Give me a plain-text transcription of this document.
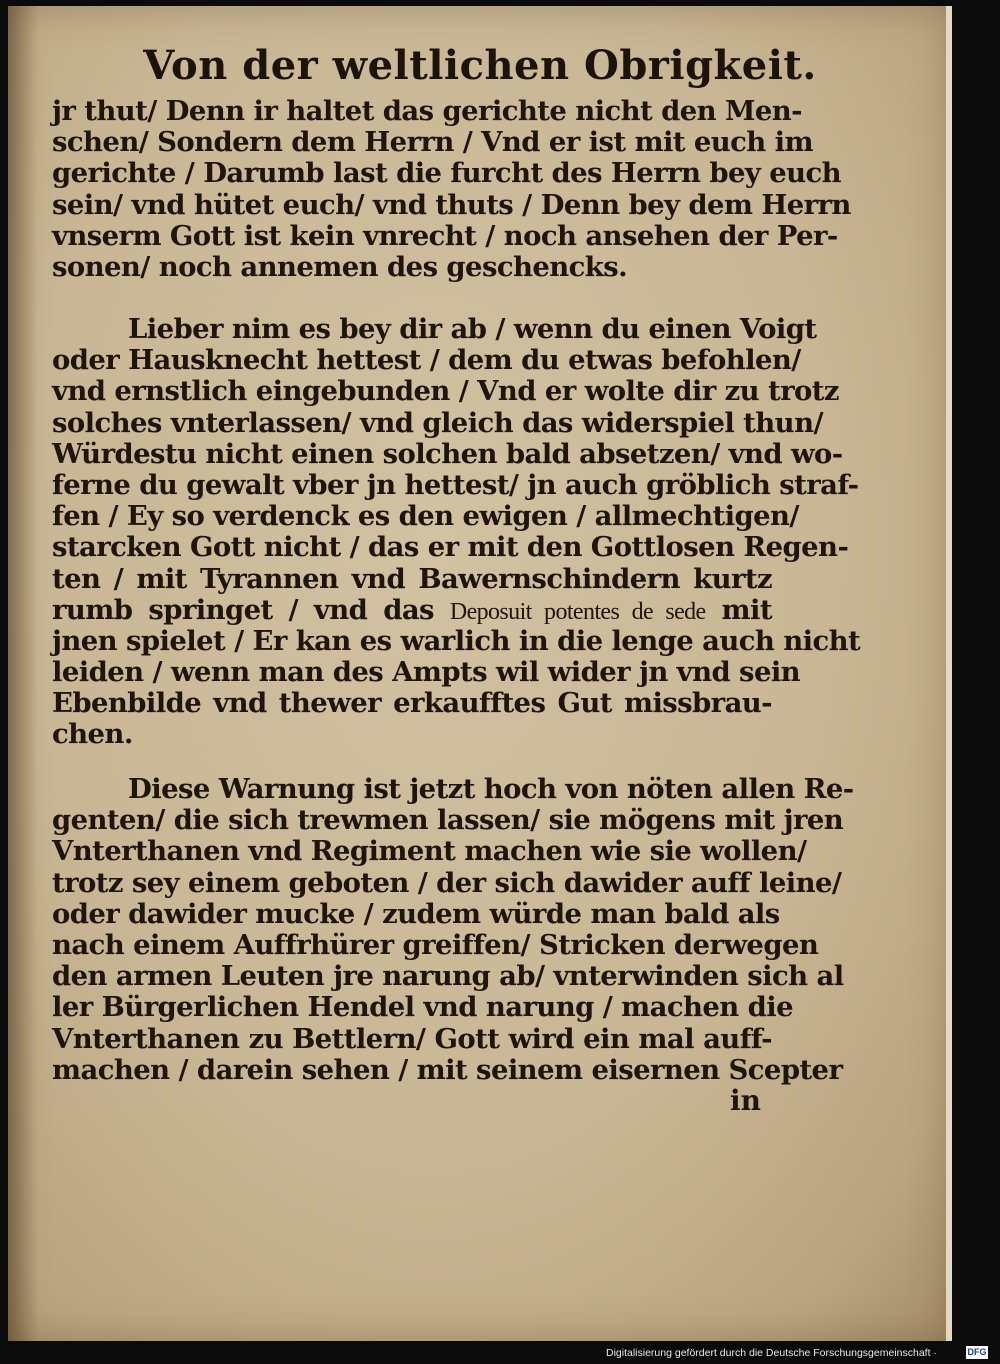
Von der weltlichen Obrigkeit.
jr thut/ Denn ir haltet das gerichte nicht den Men-
schen/ Sondern dem Herrn / Vnd er ist mit euch im
gerichte / Darumb last die furcht des Herrn bey euch
sein/ vnd hütet euch/ vnd thuts / Denn bey dem Herrn
vnserm Gott ist kein vnrecht / noch ansehen der Per-
sonen/ noch annemen des geschencks.
Lieber nim es bey dir ab / wenn du einen Voigt
oder Hausknecht hettest / dem du etwas befohlen/
vnd ernstlich eingebunden / Vnd er wolte dir zu trotz
solches vnterlassen/ vnd gleich das widerspiel thun/
Würdestu nicht einen solchen bald absetzen/ vnd wo-
ferne du gewalt vber jn hettest/ jn auch gröblich straf-
fen / Ey so verdenck es den ewigen / allmechtigen/
starcken Gott nicht / das er mit den Gottlosen Regen-
ten / mit Tyrannen vnd Bawernschindern kurtz
rumb springet / vnd das Deposuit potentes de sede mit
jnen spielet / Er kan es warlich in die lenge auch nicht
leiden / wenn man des Ampts wil wider jn vnd sein
Ebenbilde vnd thewer erkaufftes Gut missbrau-
chen.
Diese Warnung ist jetzt hoch von nöten allen Re-
genten/ die sich trewmen lassen/ sie mögens mit jren
Vnterthanen vnd Regiment machen wie sie wollen/
trotz sey einem geboten / der sich dawider auff leine/
oder dawider mucke / zudem würde man bald als
nach einem Auffrhürer greiffen/ Stricken derwegen
den armen Leuten jre narung ab/ vnterwinden sich al
ler Bürgerlichen Hendel vnd narung / machen die
Vnterthanen zu Bettlern/ Gott wird ein mal auff-
machen / darein sehen / mit seinem eisernen Scepter
in
Digitalisierung gefördert durch die Deutsche Forschungsgemeinschaft ·	DFG
